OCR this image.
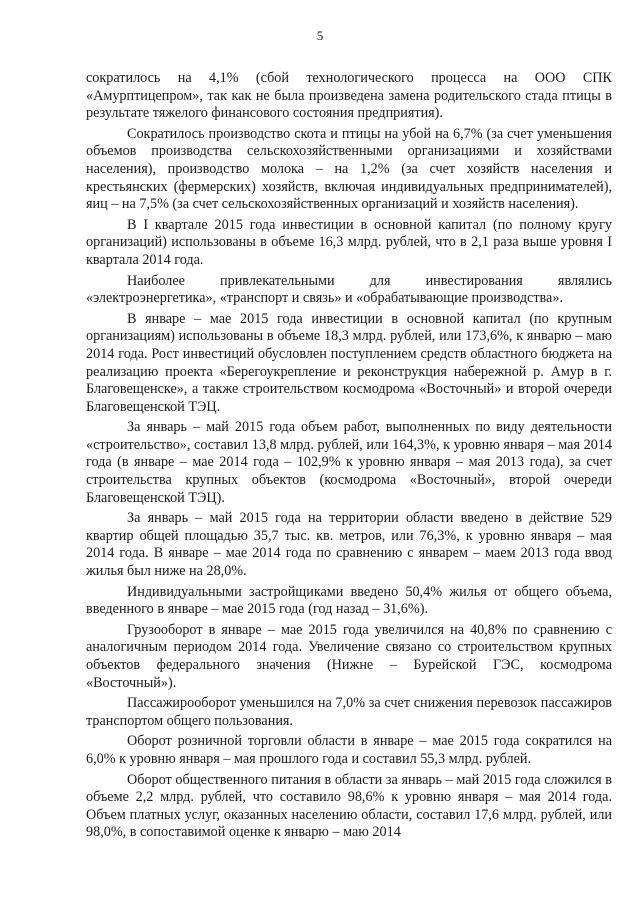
5

сократилось на 4,1% (сбой технологического процесса на ООО СПК «Амурптицепром», так как не была произведена замена родительского стада птицы в результате тяжелого финансового состояния предприятия).

Сократилось производство скота и птицы на убой на 6,7% (за счет уменьшения объемов производства сельскохозяйственными организациями и хозяйствами населения), производство молока – на 1,2% (за счет хозяйств населения и крестьянских (фермерских) хозяйств, включая индивидуальных предпринимателей), яиц – на 7,5% (за счет сельскохозяйственных организаций и хозяйств населения).

В I квартале 2015 года инвестиции в основной капитал (по полному кругу организаций) использованы в объеме 16,3 млрд. рублей, что в 2,1 раза выше уровня I квартала 2014 года.

Наиболее привлекательными для инвестирования являлись «электроэнергетика», «транспорт и связь» и «обрабатывающие производства».

В январе – мае 2015 года инвестиции в основной капитал (по крупным организациям) использованы в объеме 18,3 млрд. рублей, или 173,6%, к январю – маю 2014 года. Рост инвестиций обусловлен поступлением средств областного бюджета на реализацию проекта «Берегоукрепление и реконструкция набережной р. Амур в г. Благовещенске», а также строительством космодрома «Восточный» и второй очереди Благовещенской ТЭЦ.

За январь – май 2015 года объем работ, выполненных по виду деятельности «строительство», составил 13,8 млрд. рублей, или 164,3%, к уровню января – мая 2014 года (в январе – мае 2014 года – 102,9% к уровню января – мая 2013 года), за счет строительства крупных объектов (космодрома «Восточный», второй очереди Благовещенской ТЭЦ).

За январь – май 2015 года на территории области введено в действие 529 квартир общей площадью 35,7 тыс. кв. метров, или 76,3%, к уровню января – мая 2014 года. В январе – мае 2014 года по сравнению с январем – маем 2013 года ввод жилья был ниже на 28,0%.

Индивидуальными застройщиками введено 50,4% жилья от общего объема, введенного в январе – мае 2015 года (год назад – 31,6%).

Грузооборот в январе – мае 2015 года увеличился на 40,8% по сравнению с аналогичным периодом 2014 года. Увеличение связано со строительством крупных объектов федерального значения (Нижне – Бурейской ГЭС, космодрома «Восточный»).

Пассажирооборот уменьшился на 7,0% за счет снижения перевозок пассажиров транспортом общего пользования.

Оборот розничной торговли области в январе – мае 2015 года сократился на 6,0% к уровню января – мая прошлого года и составил 55,3 млрд. рублей.

Оборот общественного питания в области за январь – май 2015 года сложился в объеме 2,2 млрд. рублей, что составило 98,6% к уровню января – мая 2014 года. Объем платных услуг, оказанных населению области, составил 17,6 млрд. рублей, или 98,0%, в сопоставимой оценке к январю – маю 2014
